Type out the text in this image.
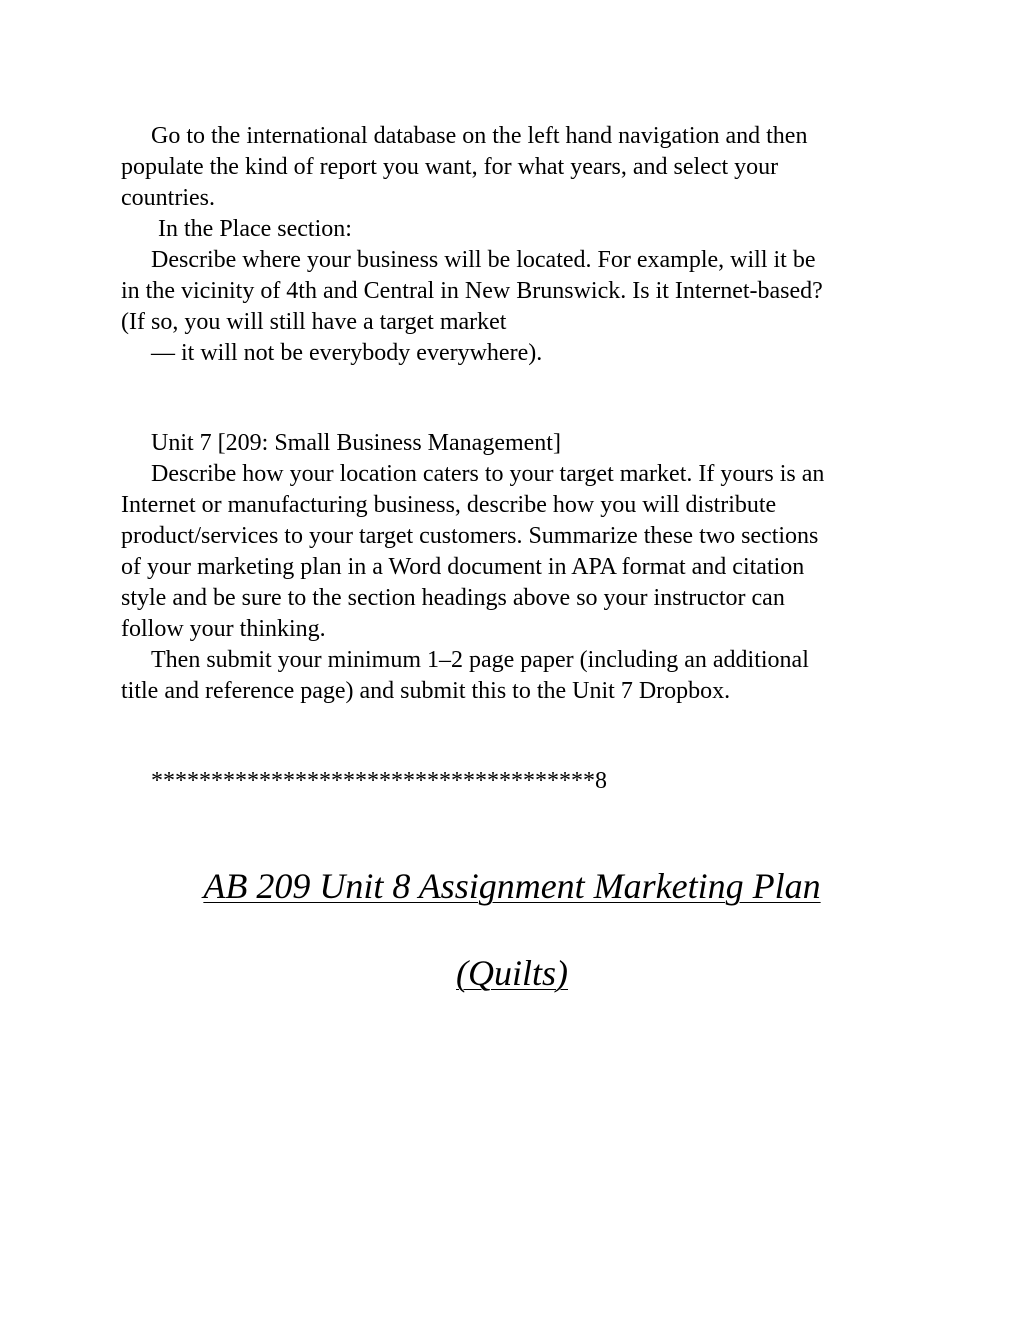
Go to the international database on the left hand navigation and then

populate the kind of report you want, for what years, and select your

countries.

In the Place section:

Describe where your business will be located. For example, will it be

in the vicinity of 4th and Central in New Brunswick. Is it Internet-based?

(If so, you will still have a target market

— it will not be everybody everywhere).

Unit 7 [209: Small Business Management]

Describe how your location caters to your target market. If yours is an

Internet or manufacturing business, describe how you will distribute

product/services to your target customers. Summarize these two sections

of your marketing plan in a Word document in APA format and citation

style and be sure to the section headings above so your instructor can

follow your thinking.

Then submit your minimum 1–2 page paper (including an additional

title and reference page) and submit this to the Unit 7 Dropbox.

*************************************8

AB 209 Unit 8 Assignment Marketing Plan
(Quilts)
